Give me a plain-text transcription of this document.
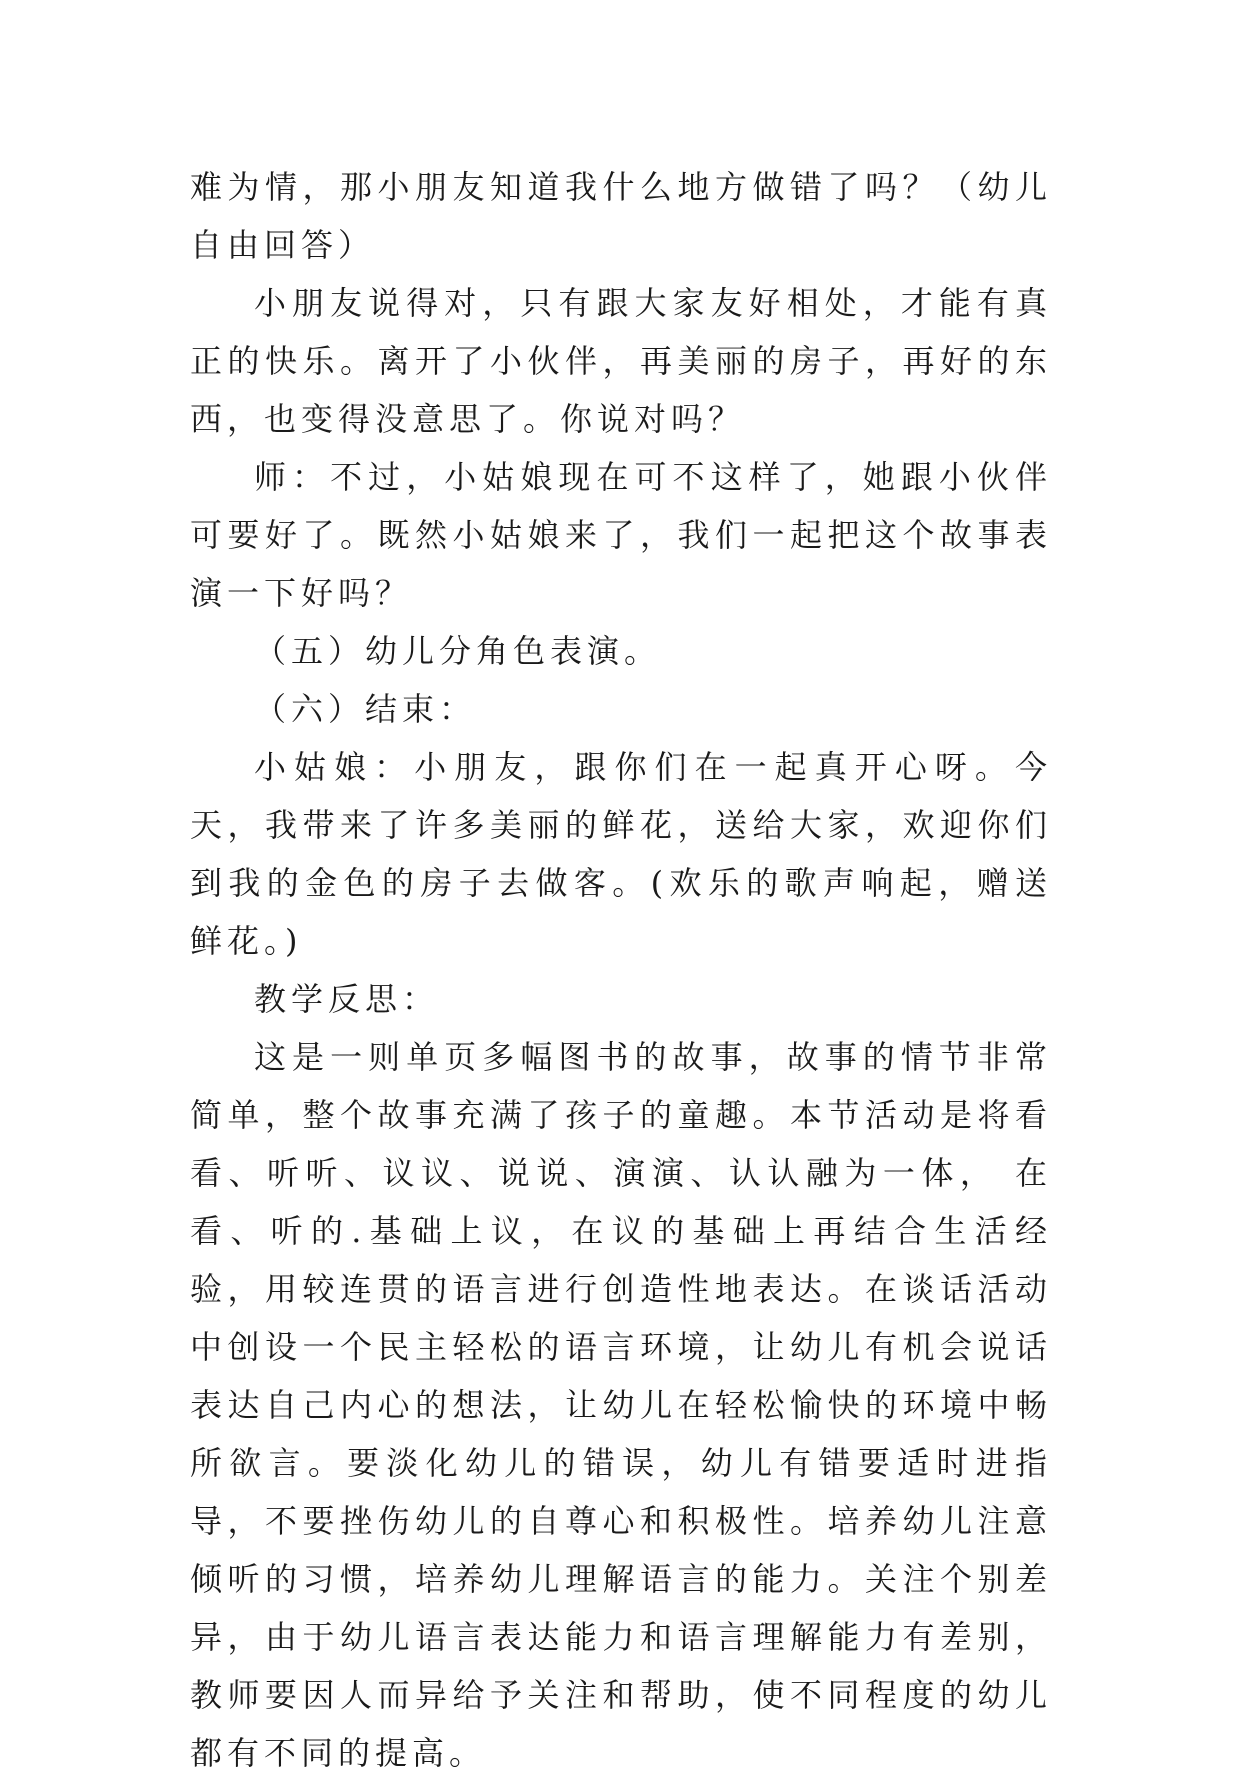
难为情，那小朋友知道我什么地方做错了吗？（幼儿自由回答）

小朋友说得对，只有跟大家友好相处，才能有真正的快乐。离开了小伙伴，再美丽的房子，再好的东西，也变得没意思了。你说对吗？

师：不过，小姑娘现在可不这样了，她跟小伙伴可要好了。既然小姑娘来了，我们一起把这个故事表演一下好吗？

（五）幼儿分角色表演。

（六）结束：

小姑娘：小朋友，跟你们在一起真开心呀。今天，我带来了许多美丽的鲜花，送给大家，欢迎你们到我的金色的房子去做客。(欢乐的歌声响起，赠送鲜花。)

教学反思：

这是一则单页多幅图书的故事，故事的情节非常简单，整个故事充满了孩子的童趣。本节活动是将看看、听听、议议、说说、演演、认认融为一体， 在看、听的.基础上议，在议的基础上再结合生活经验，用较连贯的语言进行创造性地表达。在谈话活动中创设一个民主轻松的语言环境，让幼儿有机会说话表达自己内心的想法，让幼儿在轻松愉快的环境中畅所欲言。要淡化幼儿的错误，幼儿有错要适时进指导，不要挫伤幼儿的自尊心和积极性。培养幼儿注意倾听的习惯，培养幼儿理解语言的能力。关注个别差异，由于幼儿语言表达能力和语言理解能力有差别，教师要因人而异给予关注和帮助，使不同程度的幼儿都有不同的提高。
